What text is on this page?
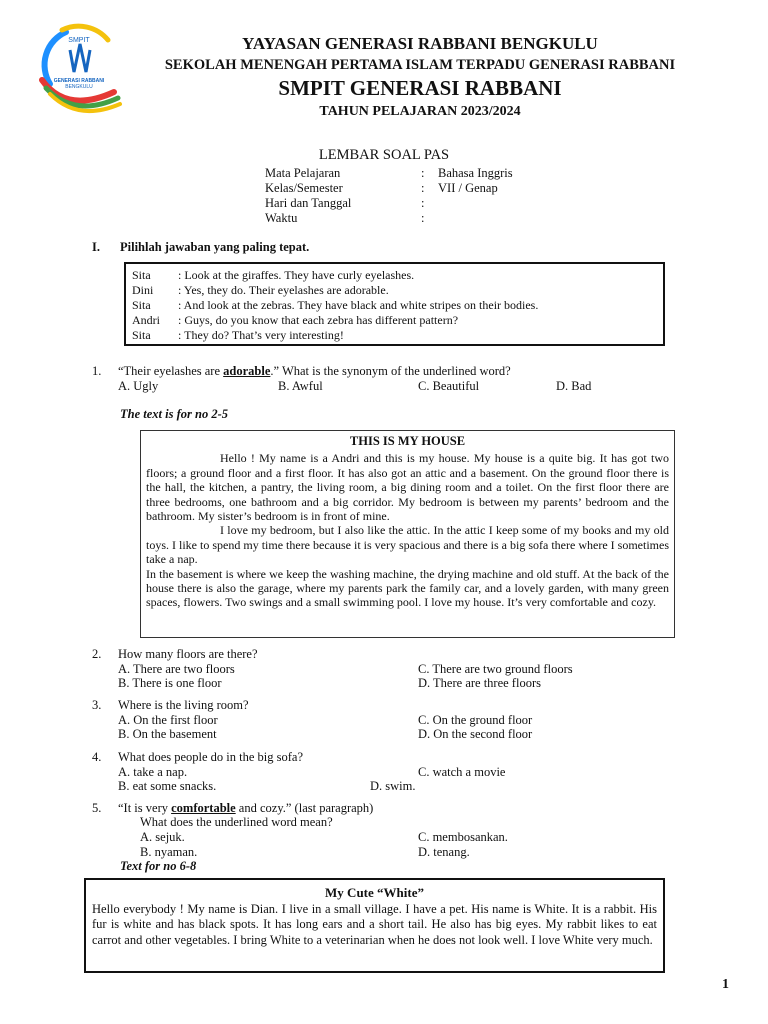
SMPIT
GENERASI RABBANI
BENGKULU
YAYASAN GENERASI RABBANI BENGKULU
SEKOLAH MENENGAH PERTAMA ISLAM TERPADU GENERASI RABBANI
SMPIT GENERASI RABBANI
TAHUN PELAJARAN 2023/2024
LEMBAR SOAL PAS
Mata Pelajaran	:	Bahasa Inggris
Kelas/Semester	:	VII / Genap
Hari dan Tanggal	:
Waktu	:
I. Pilihlah jawaban yang paling tepat.
Sita	: Look at the giraffes. They have curly eyelashes.
Dini	: Yes, they do. Their eyelashes are adorable.
Sita	: And look at the zebras. They have black and white stripes on their bodies.
Andri	: Guys, do you know that each zebra has different pattern?
Sita	: They do? That’s very interesting!
1. “Their eyelashes are adorable.” What is the synonym of the underlined word?
A. Ugly	B. Awful	C. Beautiful	D. Bad
The text is for no 2-5

THIS IS MY HOUSE

Hello ! My name is a Andri and this is my house. My house is a quite big. It has got two floors; a ground floor and a first floor. It has also got an attic and a basement. On the ground floor there is the hall, the kitchen, a pantry, the living room, a big dining room and a toilet. On the first floor there are three bedrooms, one bathroom and a big corridor. My bedroom is between my parents’ bedroom and the bathroom. My sister’s bedroom is in front of mine.

I love my bedroom, but I also like the attic. In the attic I keep some of my books and my old toys. I like to spend my time there because it is very spacious and there is a big sofa there where I sometimes take a nap.

In the basement is where we keep the washing machine, the drying machine and old stuff. At the back of the house there is also the garage, where my parents park the family car, and a lovely garden, with many green spaces, flowers. Two swings and a small swimming pool. I love my house. It’s very comfortable and cozy.

2. How many floors are there?
A. There are two floors	C. There are two ground floors
B. There is one floor	D. There are three floors
3. Where is the living room?
A. On the first floor	C. On the ground floor
B. On the basement	D. On the second floor
4. What does people do in the big sofa?
A. take a nap.	C. watch a movie
B. eat some snacks.	D. swim.
5. “It is very comfortable and cozy.” (last paragraph)
What does the underlined word mean?
A. sejuk.	C. membosankan.
B. nyaman.	D. tenang.
Text for no 6-8
My Cute “White”
Hello everybody ! My name is Dian. I live in a small village. I have a pet. His name is White. It is a rabbit. His fur is white and has black spots. It has long ears and a short tail. He also has big eyes. My rabbit likes to eat carrot and other vegetables. I bring White to a veterinarian when he does not look well. I love White very much.
1
